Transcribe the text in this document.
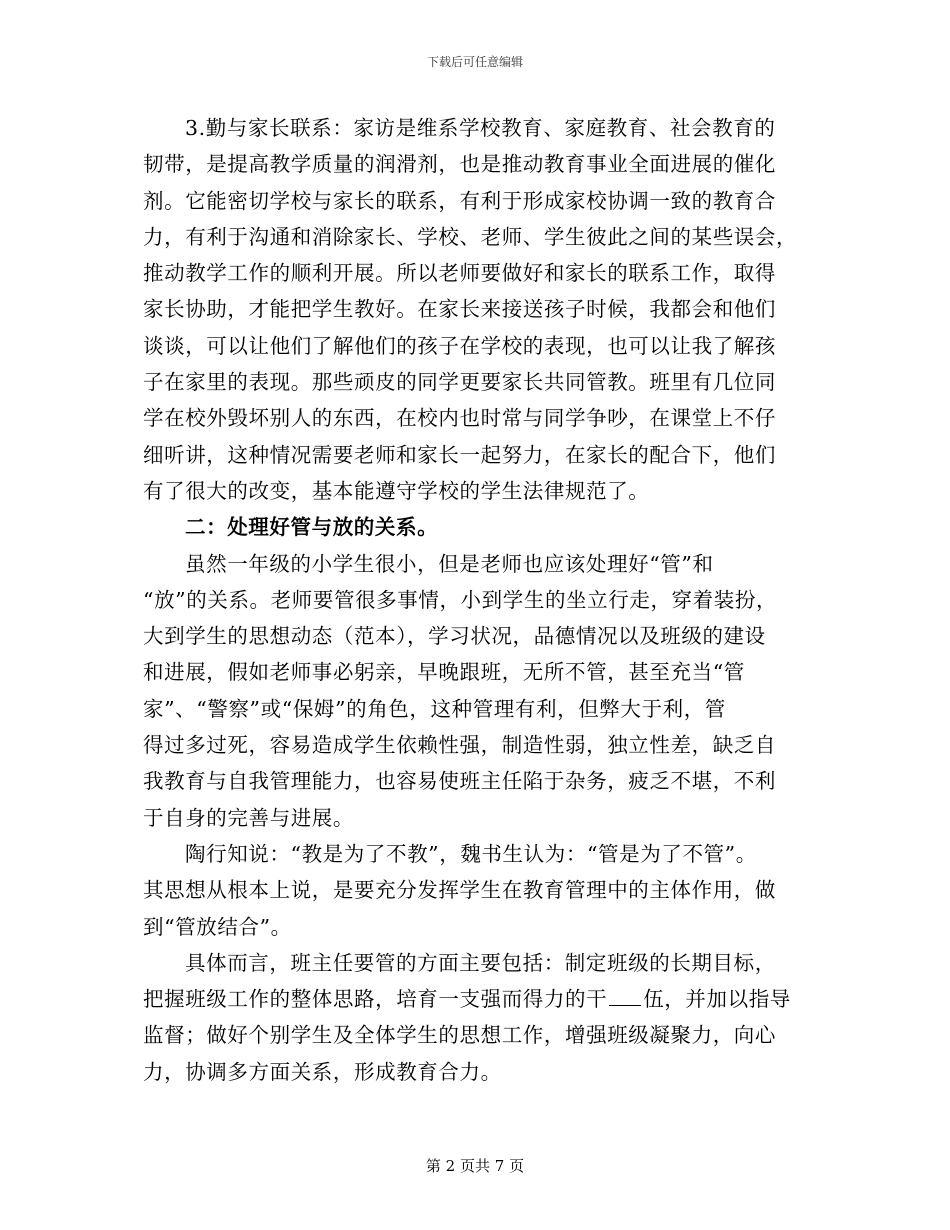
下载后可任意编辑
3.勤与家长联系：家访是维系学校教育、家庭教育、社会教育的
韧带，是提高教学质量的润滑剂，也是推动教育事业全面进展的催化
剂。它能密切学校与家长的联系，有利于形成家校协调一致的教育合
力，有利于沟通和消除家长、学校、老师、学生彼此之间的某些误会，
推动教学工作的顺利开展。所以老师要做好和家长的联系工作，取得
家长协助，才能把学生教好。在家长来接送孩子时候，我都会和他们
谈谈，可以让他们了解他们的孩子在学校的表现，也可以让我了解孩
子在家里的表现。那些顽皮的同学更要家长共同管教。班里有几位同
学在校外毁坏别人的东西，在校内也时常与同学争吵，在课堂上不仔
细听讲，这种情况需要老师和家长一起努力，在家长的配合下，他们
有了很大的改变，基本能遵守学校的学生法律规范了。
二：处理好管与放的关系。
虽然一年级的小学生很小，但是老师也应该处理好“管”和
“放”的关系。老师要管很多事情，小到学生的坐立行走，穿着装扮，
大到学生的思想动态（范本），学习状况，品德情况以及班级的建设
和进展，假如老师事必躬亲，早晚跟班，无所不管，甚至充当“管
家”、“警察”或“保姆”的角色，这种管理有利，但弊大于利，管
得过多过死，容易造成学生依赖性强，制造性弱，独立性差，缺乏自
我教育与自我管理能力，也容易使班主任陷于杂务，疲乏不堪，不利
于自身的完善与进展。
陶行知说：“教是为了不教”，魏书生认为：“管是为了不管”。
其思想从根本上说，是要充分发挥学生在教育管理中的主体作用，做
到“管放结合”。
具体而言，班主任要管的方面主要包括：制定班级的长期目标，
把握班级工作的整体思路，培育一支强而得力的干 伍，并加以指导
监督；做好个别学生及全体学生的思想工作，增强班级凝聚力，向心
力，协调多方面关系，形成教育合力。
第 2 页共 7 页
